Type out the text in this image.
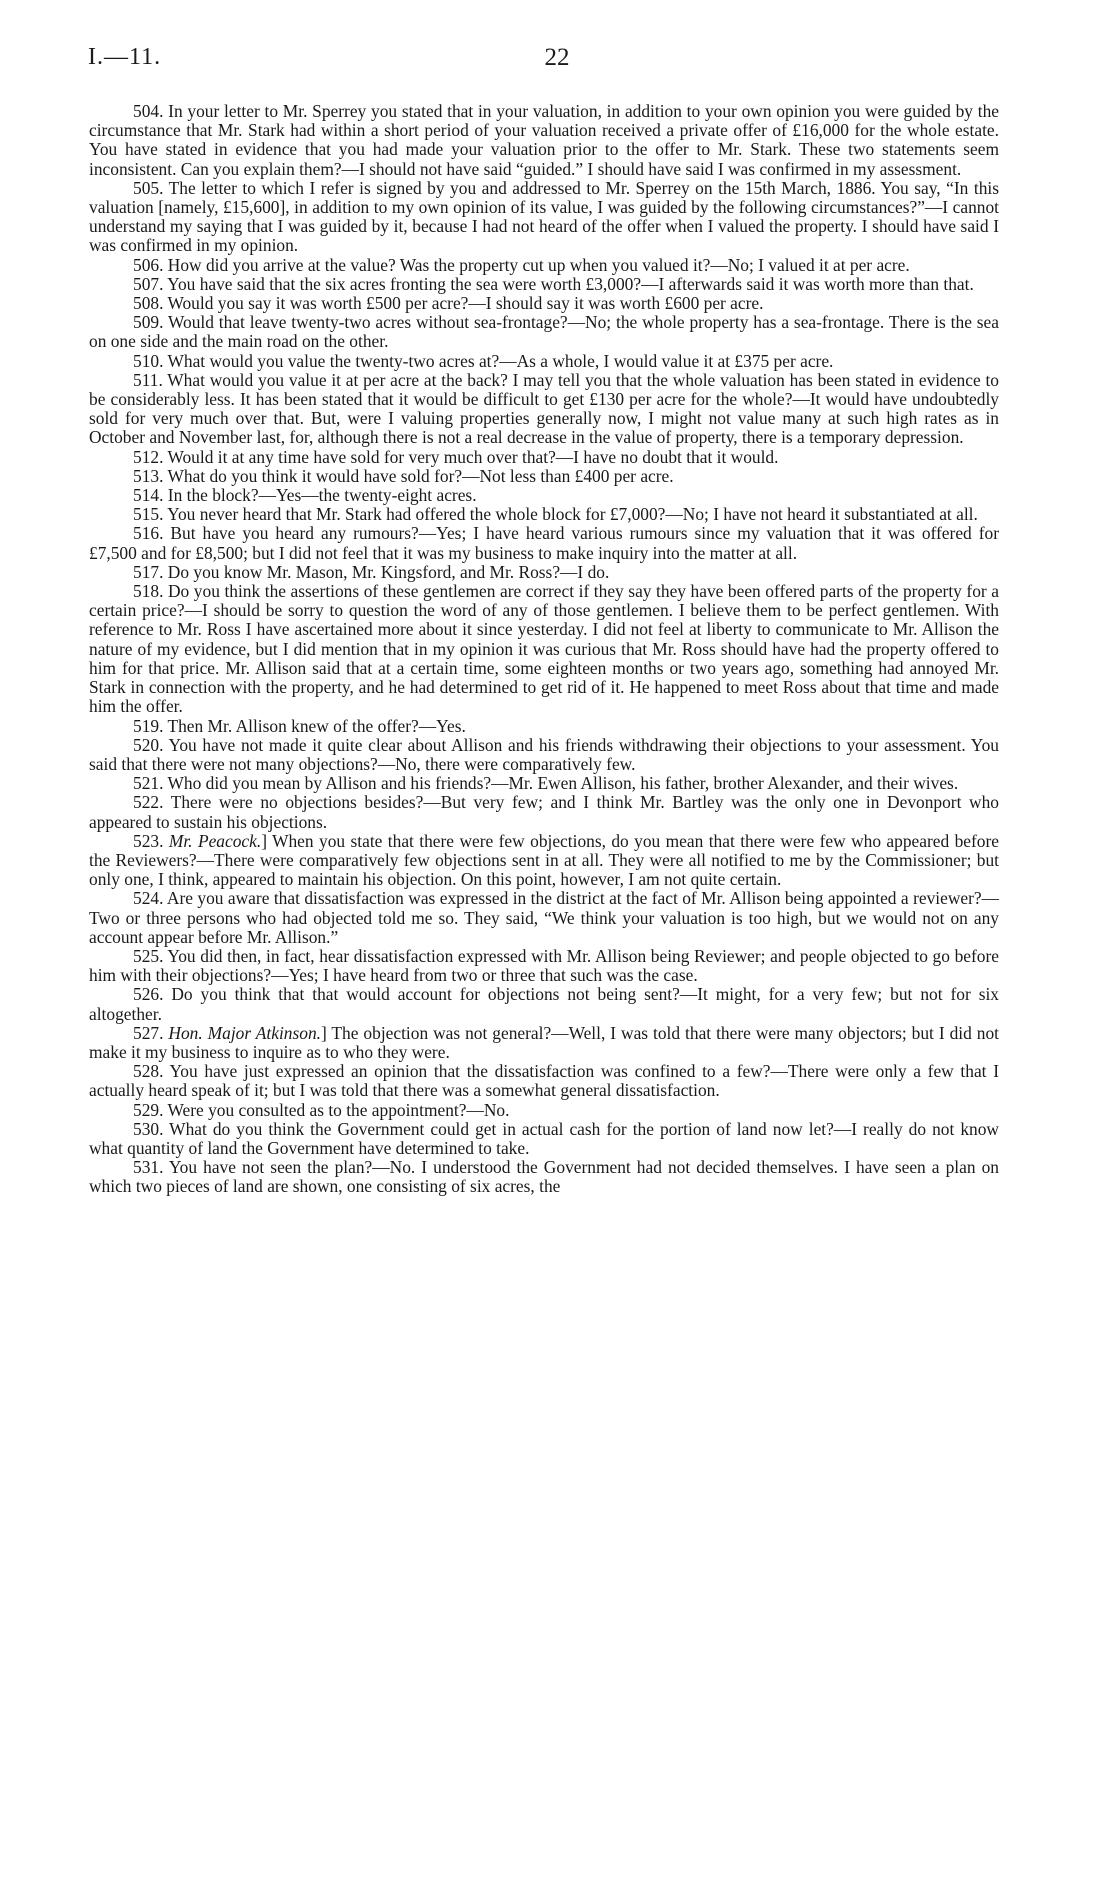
I.—11.	22

504. In your letter to Mr. Sperrey you stated that in your valuation, in addition to your own opinion you were guided by the circumstance that Mr. Stark had within a short period of your valuation received a private offer of £16,000 for the whole estate. You have stated in evidence that you had made your valuation prior to the offer to Mr. Stark. These two statements seem inconsistent. Can you explain them?—I should not have said “guided.” I should have said I was confirmed in my assessment.

505. The letter to which I refer is signed by you and addressed to Mr. Sperrey on the 15th March, 1886. You say, “In this valuation [namely, £15,600], in addition to my own opinion of its value, I was guided by the following circumstances?”—I cannot understand my saying that I was guided by it, because I had not heard of the offer when I valued the property. I should have said I was confirmed in my opinion.

506. How did you arrive at the value? Was the property cut up when you valued it?—No; I valued it at per acre.

507. You have said that the six acres fronting the sea were worth £3,000?—I afterwards said it was worth more than that.

508. Would you say it was worth £500 per acre?—I should say it was worth £600 per acre.

509. Would that leave twenty-two acres without sea-frontage?—No; the whole property has a sea-frontage. There is the sea on one side and the main road on the other.

510. What would you value the twenty-two acres at?—As a whole, I would value it at £375 per acre.

511. What would you value it at per acre at the back? I may tell you that the whole valuation has been stated in evidence to be considerably less. It has been stated that it would be difficult to get £130 per acre for the whole?—It would have undoubtedly sold for very much over that. But, were I valuing properties generally now, I might not value many at such high rates as in October and November last, for, although there is not a real decrease in the value of property, there is a temporary depression.

512. Would it at any time have sold for very much over that?—I have no doubt that it would.

513. What do you think it would have sold for?—Not less than £400 per acre.

514. In the block?—Yes—the twenty-eight acres.

515. You never heard that Mr. Stark had offered the whole block for £7,000?—No; I have not heard it substantiated at all.

516. But have you heard any rumours?—Yes; I have heard various rumours since my valuation that it was offered for £7,500 and for £8,500; but I did not feel that it was my business to make inquiry into the matter at all.

517. Do you know Mr. Mason, Mr. Kingsford, and Mr. Ross?—I do.

518. Do you think the assertions of these gentlemen are correct if they say they have been offered parts of the property for a certain price?—I should be sorry to question the word of any of those gentlemen. I believe them to be perfect gentlemen. With reference to Mr. Ross I have ascertained more about it since yesterday. I did not feel at liberty to communicate to Mr. Allison the nature of my evidence, but I did mention that in my opinion it was curious that Mr. Ross should have had the property offered to him for that price. Mr. Allison said that at a certain time, some eighteen months or two years ago, something had annoyed Mr. Stark in connection with the property, and he had determined to get rid of it. He happened to meet Ross about that time and made him the offer.

519. Then Mr. Allison knew of the offer?—Yes.

520. You have not made it quite clear about Allison and his friends withdrawing their objections to your assessment. You said that there were not many objections?—No, there were comparatively few.

521. Who did you mean by Allison and his friends?—Mr. Ewen Allison, his father, brother Alexander, and their wives.

522. There were no objections besides?—But very few; and I think Mr. Bartley was the only one in Devonport who appeared to sustain his objections.

523. Mr. Peacock.] When you state that there were few objections, do you mean that there were few who appeared before the Reviewers?—There were comparatively few objections sent in at all. They were all notified to me by the Commissioner; but only one, I think, appeared to maintain his objection. On this point, however, I am not quite certain.

524. Are you aware that dissatisfaction was expressed in the district at the fact of Mr. Allison being appointed a reviewer?—Two or three persons who had objected told me so. They said, “We think your valuation is too high, but we would not on any account appear before Mr. Allison.”

525. You did then, in fact, hear dissatisfaction expressed with Mr. Allison being Reviewer; and people objected to go before him with their objections?—Yes; I have heard from two or three that such was the case.

526. Do you think that that would account for objections not being sent?—It might, for a very few; but not for six altogether.

527. Hon. Major Atkinson.] The objection was not general?—Well, I was told that there were many objectors; but I did not make it my business to inquire as to who they were.

528. You have just expressed an opinion that the dissatisfaction was confined to a few?—There were only a few that I actually heard speak of it; but I was told that there was a somewhat general dissatisfaction.

529. Were you consulted as to the appointment?—No.

530. What do you think the Government could get in actual cash for the portion of land now let?—I really do not know what quantity of land the Government have determined to take.

531. You have not seen the plan?—No. I understood the Government had not decided themselves. I have seen a plan on which two pieces of land are shown, one consisting of six acres, the
